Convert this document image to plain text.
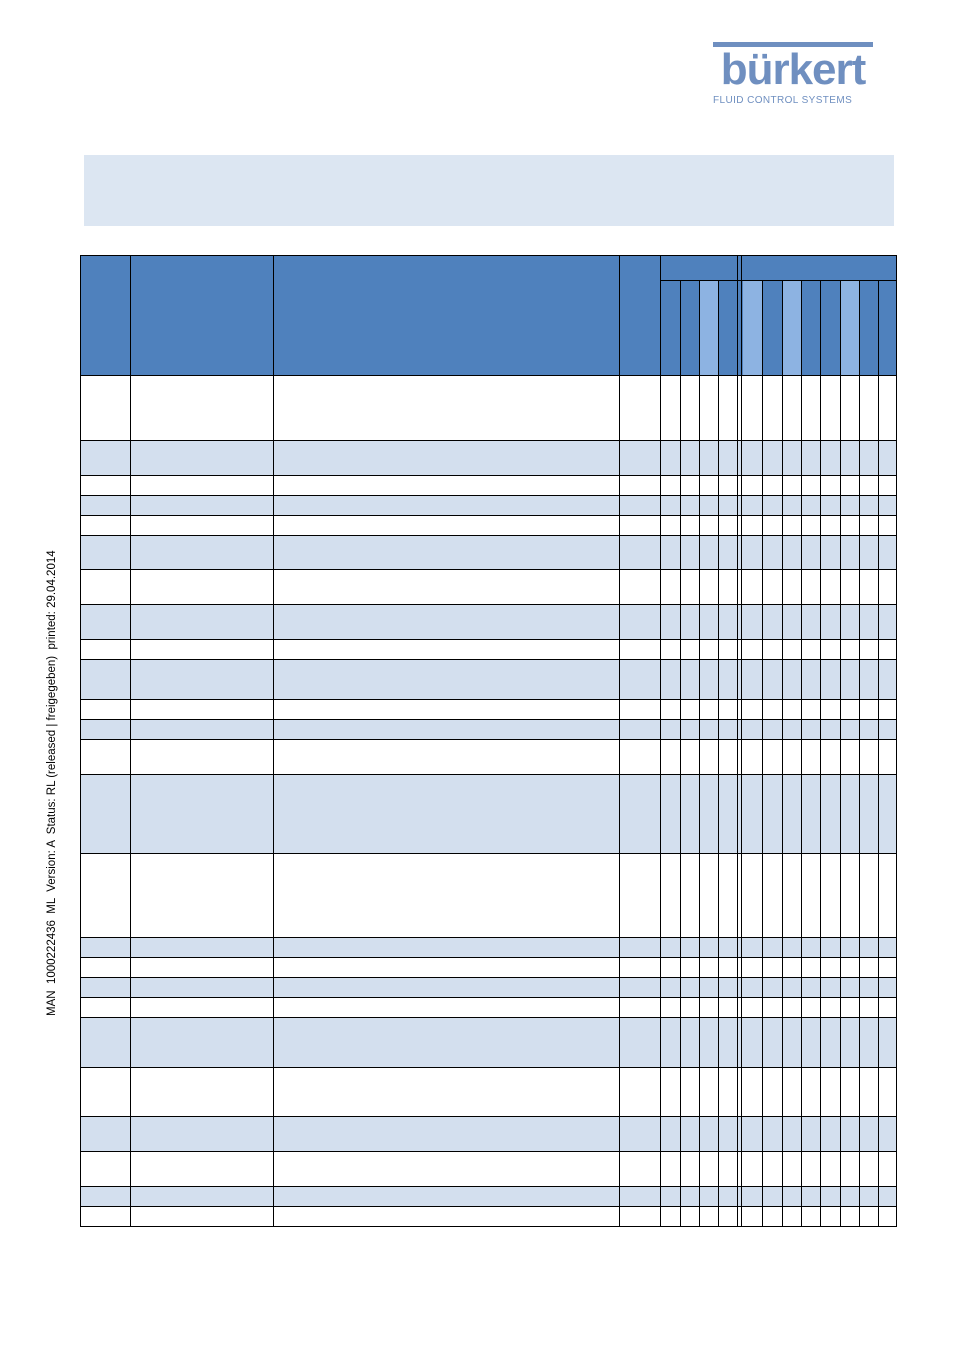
bürkert
FLUID CONTROL SYSTEMS
MAN  1000222436  ML  Version: A  Status: RL (released | freigegeben)  printed: 29.04.2014
